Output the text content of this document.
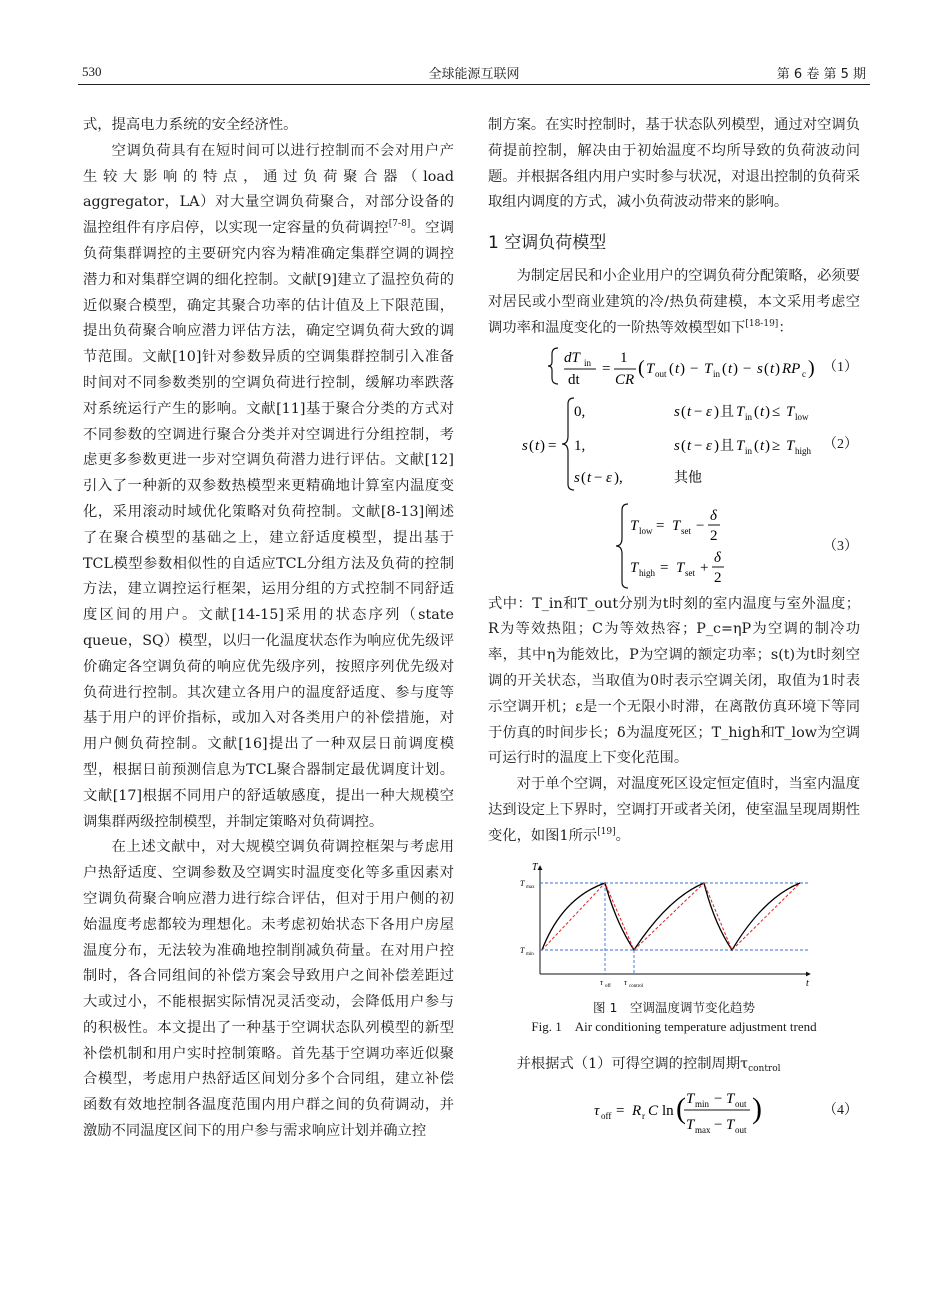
530	全球能源互联网	第 6 卷 第 5 期

式，提高电力系统的安全经济性。

空调负荷具有在短时间可以进行控制而不会对用户产生较大影响的特点，通过负荷聚合器（load aggregator，LA）对大量空调负荷聚合，对部分设备的温控组件有序启停，以实现一定容量的负荷调控[7-8]。空调负荷集群调控的主要研究内容为精准确定集群空调的调控潜力和对集群空调的细化控制。文献[9]建立了温控负荷的近似聚合模型，确定其聚合功率的估计值及上下限范围，提出负荷聚合响应潜力评估方法，确定空调负荷大致的调节范围。文献[10]针对参数异质的空调集群控制引入准备时间对不同参数类别的空调负荷进行控制，缓解功率跌落对系统运行产生的影响。文献[11]基于聚合分类的方式对不同参数的空调进行聚合分类并对空调进行分组控制，考虑更多参数更进一步对空调负荷潜力进行评估。文献[12]引入了一种新的双参数热模型来更精确地计算室内温度变化，采用滚动时域优化策略对负荷控制。文献[8-13]阐述了在聚合模型的基础之上，建立舒适度模型，提出基于TCL模型参数相似性的自适应TCL分组方法及负荷的控制方法，建立调控运行框架，运用分组的方式控制不同舒适度区间的用户。文献[14-15]采用的状态序列（state queue，SQ）模型，以归一化温度状态作为响应优先级评价确定各空调负荷的响应优先级序列，按照序列优先级对负荷进行控制。其次建立各用户的温度舒适度、参与度等基于用户的评价指标，或加入对各类用户的补偿措施，对用户侧负荷控制。文献[16]提出了一种双层日前调度模型，根据日前预测信息为TCL聚合器制定最优调度计划。文献[17]根据不同用户的舒适敏感度，提出一种大规模空调集群两级控制模型，并制定策略对负荷调控。

在上述文献中，对大规模空调负荷调控框架与考虑用户热舒适度、空调参数及空调实时温度变化等多重因素对空调负荷聚合响应潜力进行综合评估，但对于用户侧的初始温度考虑都较为理想化。未考虑初始状态下各用户房屋温度分布，无法较为准确地控制削减负荷量。在对用户控制时，各合同组间的补偿方案会导致用户之间补偿差距过大或过小，不能根据实际情况灵活变动，会降低用户参与的积极性。本文提出了一种基于空调状态队列模型的新型补偿机制和用户实时控制策略。首先基于空调功率近似聚合模型，考虑用户热舒适区间划分多个合同组，建立补偿函数有效地控制各温度范围内用户群之间的负荷调动，并激励不同温度区间下的用户参与需求响应计划并确立控

制方案。在实时控制时，基于状态队列模型，通过对空调负荷提前控制，解决由于初始温度不均所导致的负荷波动问题。并根据各组内用户实时参与状况，对退出控制的负荷采取组内调度的方式，减小负荷波动带来的影响。

1 空调负荷模型

为制定居民和小企业用户的空调负荷分配策略，必须要对居民或小型商业建筑的冷/热负荷建模，本文采用考虑空调功率和温度变化的一阶热等效模型如下[18-19]：

dT in
dt
=
1
CR
( T out ( t ) − T in ( t ) − s ( t ) RP c ) （1）
s ( t ) =
0,
1,
s ( t − ε ),
s ( t − ε ) 且 T in ( t ) ≤ T low
s ( t − ε ) 且 T in ( t ) ≥ T high
其他
（2）
T low = T set −
δ
2
T high = T set +
δ
2
（3）

式中：T_in和T_out分别为t时刻的室内温度与室外温度；R为等效热阻；C为等效热容；P_c=ηP为空调的制冷功率，其中η为能效比，P为空调的额定功率；s(t)为t时刻空调的开关状态，当取值为0时表示空调关闭，取值为1时表示空调开机；ε是一个无限小时滞，在离散仿真环境下等同于仿真的时间步长；δ为温度死区；T_high和T_low为空调可运行时的温度上下变化范围。

对于单个空调，对温度死区设定恒定值时，当室内温度达到设定上下界时，空调打开或者关闭，使室温呈现周期性变化，如图1所示[19]。

T
t
T max
T min
τ off τ control
图 1　空调温度调节变化趋势
Fig. 1　Air conditioning temperature adjustment trend

并根据式（1）可得空调的控制周期$\tau_{control}$

τ off = R r C ln ( T min − T out
T max − T out
)	（4）
